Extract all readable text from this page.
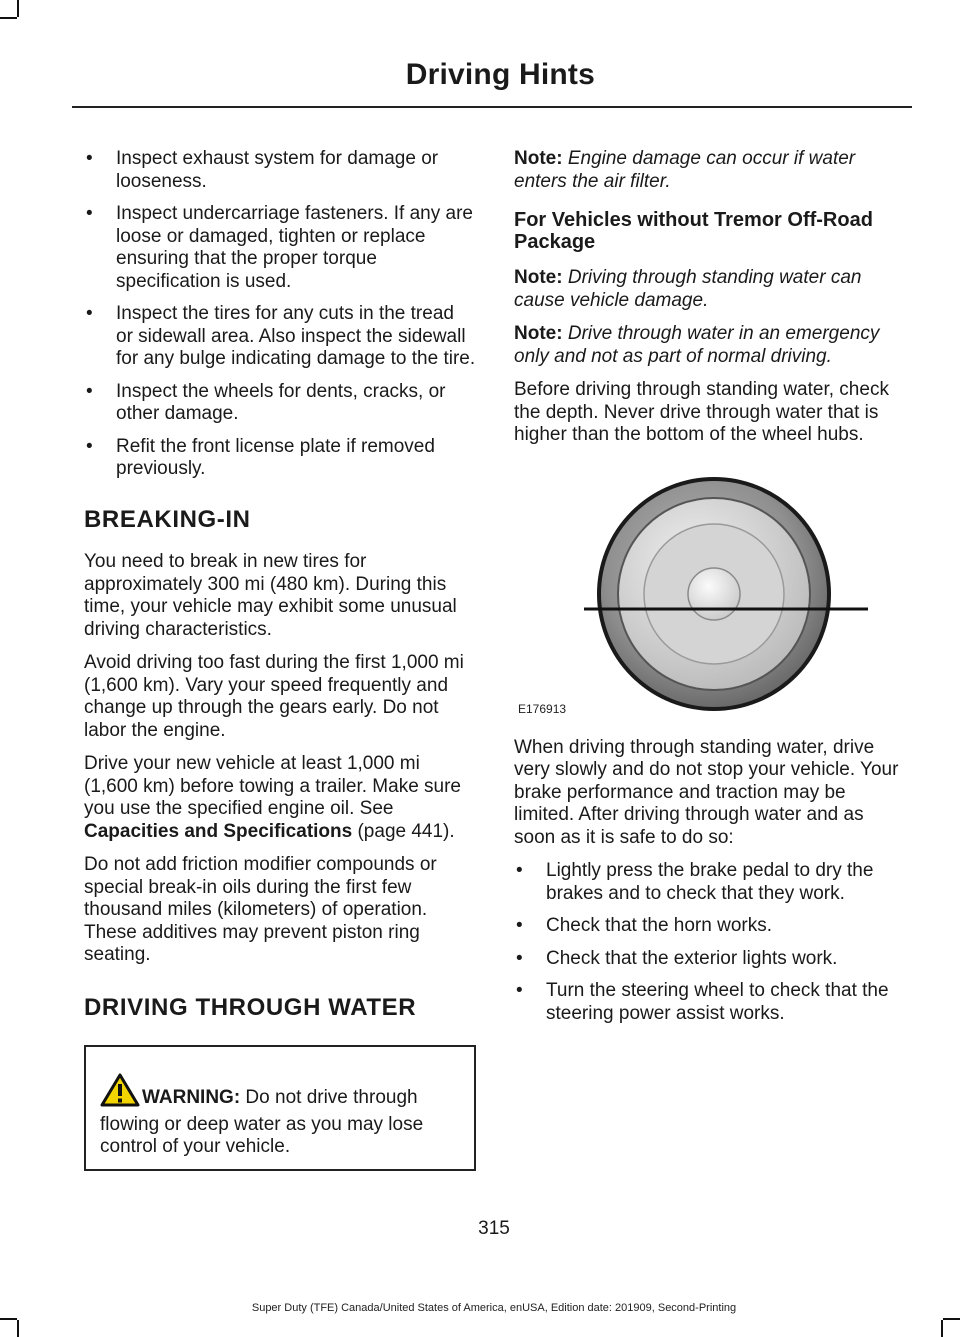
Driving Hints
• Inspect exhaust system for damage or looseness.
• Inspect undercarriage fasteners. If any are loose or damaged, tighten or replace ensuring that the proper torque specification is used.
• Inspect the tires for any cuts in the tread or sidewall area. Also inspect the sidewall for any bulge indicating damage to the tire.
• Inspect the wheels for dents, cracks, or other damage.
• Refit the front license plate if removed previously.
BREAKING-IN

You need to break in new tires for approximately 300 mi (480 km). During this time, your vehicle may exhibit some unusual driving characteristics.

Avoid driving too fast during the first 1,000 mi (1,600 km). Vary your speed frequently and change up through the gears early. Do not labor the engine.

Drive your new vehicle at least 1,000 mi (1,600 km) before towing a trailer. Make sure you use the specified engine oil. See Capacities and Specifications (page 441).

Do not add friction modifier compounds or special break-in oils during the first few thousand miles (kilometers) of operation. These additives may prevent piston ring seating.

DRIVING THROUGH WATER
WARNING: Do not drive through flowing or deep water as you may lose control of your vehicle.

Note: Engine damage can occur if water enters the air filter.

For Vehicles without Tremor Off-Road Package

Note: Driving through standing water can cause vehicle damage.

Note: Drive through water in an emergency only and not as part of normal driving.

Before driving through standing water, check the depth. Never drive through water that is higher than the bottom of the wheel hubs.

E176913

When driving through standing water, drive very slowly and do not stop your vehicle. Your brake performance and traction may be limited. After driving through water and as soon as it is safe to do so:

• Lightly press the brake pedal to dry the brakes and to check that they work.
• Check that the horn works.
• Check that the exterior lights work.
• Turn the steering wheel to check that the steering power assist works.
315
Super Duty (TFE) Canada/United States of America, enUSA, Edition date: 201909, Second-Printing
